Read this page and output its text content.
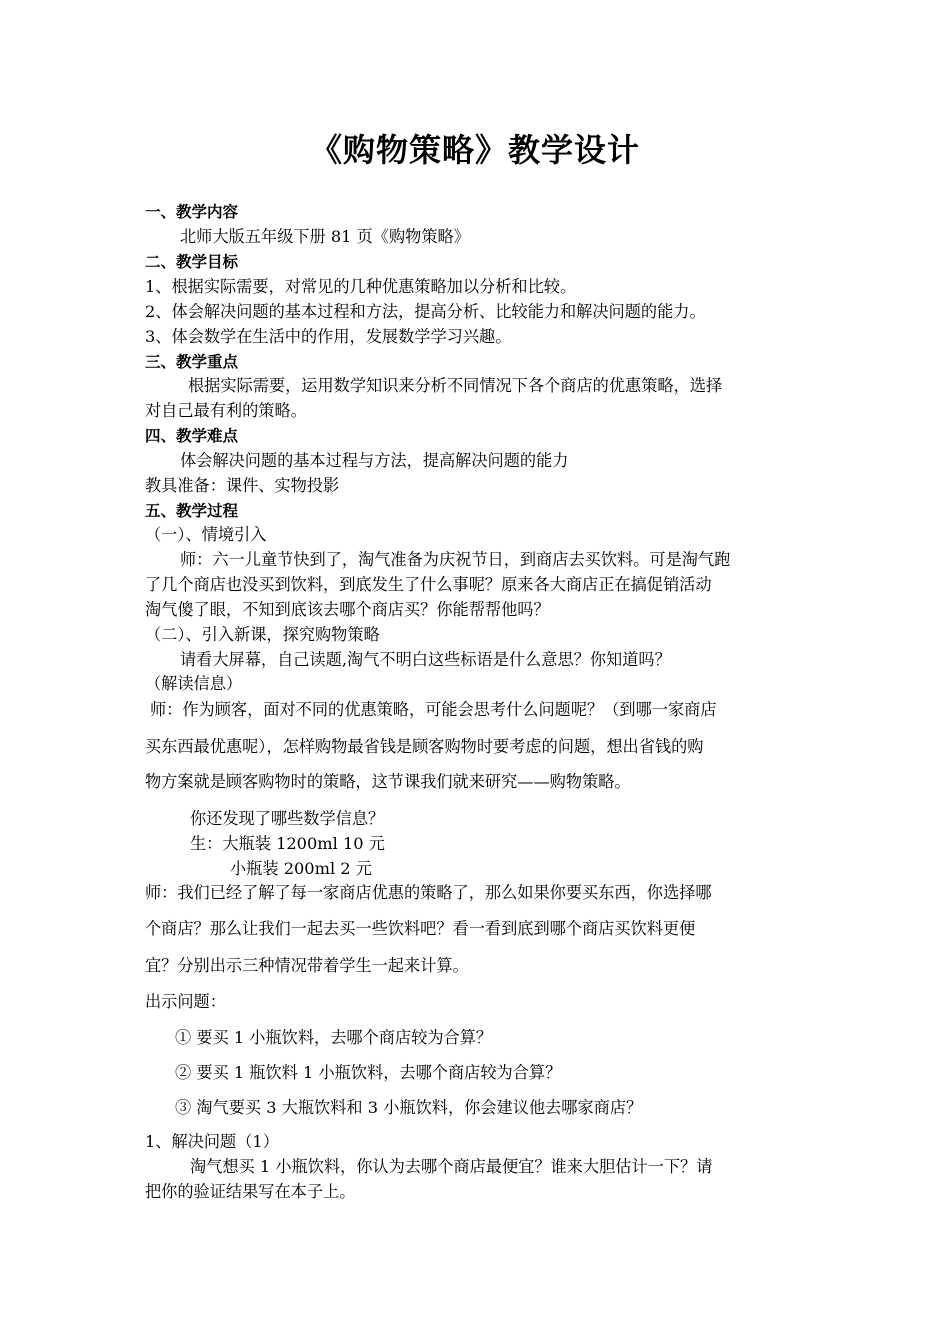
《购物策略》教学设计

一、教学内容

北师大版五年级下册 81 页《购物策略》

二、教学目标

1、根据实际需要，对常见的几种优惠策略加以分析和比较。

2、体会解决问题的基本过程和方法，提高分析、比较能力和解决问题的能力。

3、体会数学在生活中的作用，发展数学学习兴趣。

三、教学重点

根据实际需要，运用数学知识来分析不同情况下各个商店的优惠策略，选择

对自己最有利的策略。

四、教学难点

体会解决问题的基本过程与方法，提高解决问题的能力

教具准备：课件、实物投影

五、教学过程

（一）、情境引入

师：六一儿童节快到了，淘气准备为庆祝节日，到商店去买饮料。可是淘气跑

了几个商店也没买到饮料，到底发生了什么事呢？原来各大商店正在搞促销活动

淘气傻了眼，不知到底该去哪个商店买？你能帮帮他吗？

（二）、引入新课，探究购物策略

请看大屏幕，自己读题,淘气不明白这些标语是什么意思？你知道吗？

（解读信息）

师：作为顾客，面对不同的优惠策略，可能会思考什么问题呢？（到哪一家商店

买东西最优惠呢），怎样购物最省钱是顾客购物时要考虑的问题，想出省钱的购

物方案就是顾客购物时的策略，这节课我们就来研究——购物策略。

你还发现了哪些数学信息？

生：大瓶装 1200ml 10 元

小瓶装 200ml 2 元

师：我们已经了解了每一家商店优惠的策略了，那么如果你要买东西，你选择哪

个商店？那么让我们一起去买一些饮料吧？看一看到底到哪个商店买饮料更便

宜？分别出示三种情况带着学生一起来计算。

出示问题：

① 要买 1 小瓶饮料，去哪个商店较为合算？

② 要买 1 瓶饮料 1 小瓶饮料，去哪个商店较为合算？

③ 淘气要买 3 大瓶饮料和 3 小瓶饮料，你会建议他去哪家商店？

1、解决问题（1）

淘气想买 1 小瓶饮料，你认为去哪个商店最便宜？谁来大胆估计一下？请

把你的验证结果写在本子上。
